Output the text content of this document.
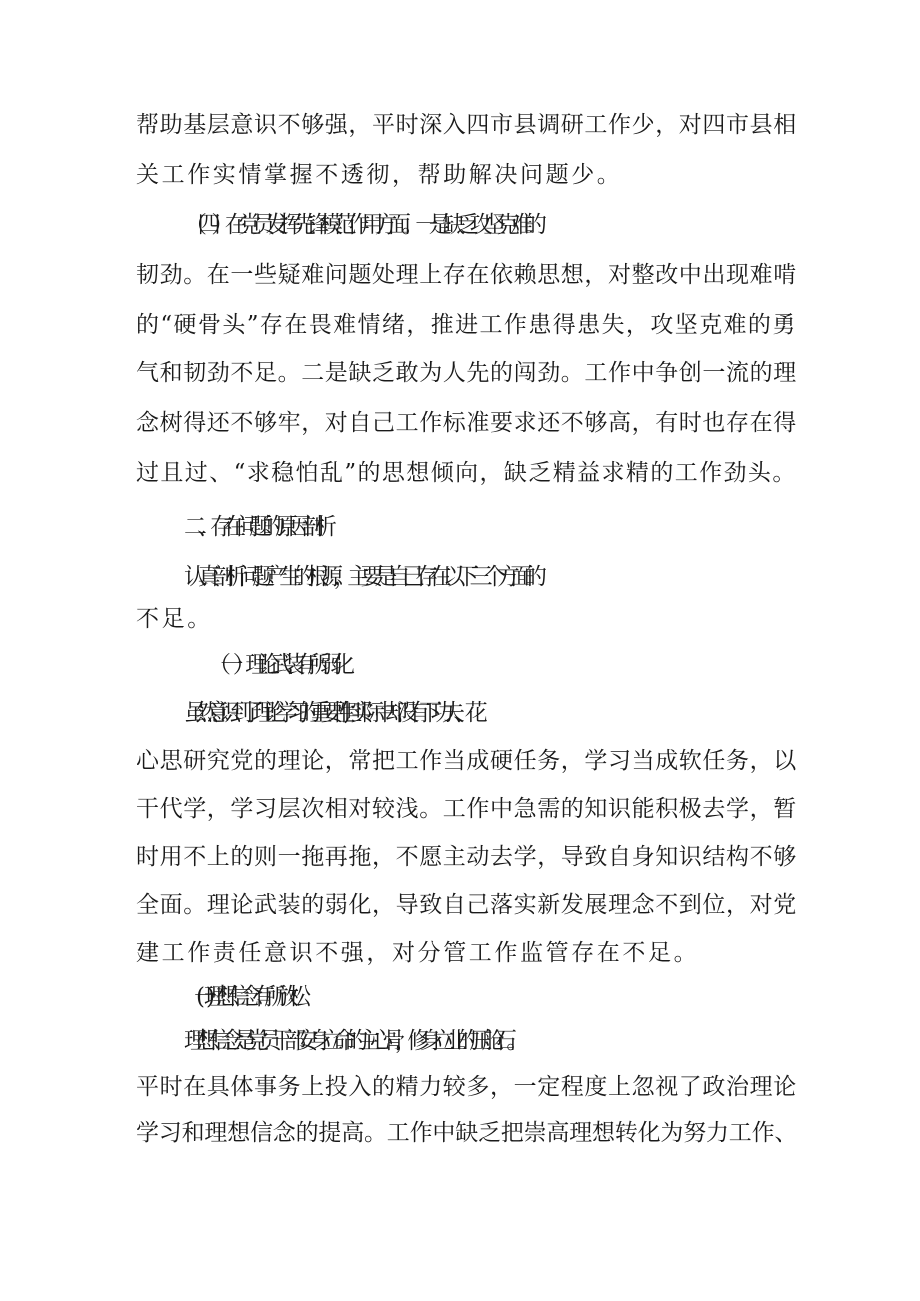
帮助基层意识不够强，平时深入四市县调研工作少，对四市县相
关工作实情掌握不透彻，帮助解决问题少。
（四）在党员发挥先锋模范作用方面。一是缺乏攻坚克难的
韧劲。在一些疑难问题处理上存在依赖思想，对整改中出现难啃
的“硬骨头”存在畏难情绪，推进工作患得患失，攻坚克难的勇
气和韧劲不足。二是缺乏敢为人先的闯劲。工作中争创一流的理
念树得还不够牢，对自己工作标准要求还不够高，有时也存在得
过且过、“求稳怕乱”的思想倾向，缺乏精益求精的工作劲头。
二、存在问题的原因剖析
认真剖析问题产生的根源，主要是自己存在以下三个方面的
不足。
（一）理论武装有所弱化
虽然意识到了理论学习的重要性,但实际中却没有下功夫、花
心思研究党的理论，常把工作当成硬任务，学习当成软任务，以
干代学，学习层次相对较浅。工作中急需的知识能积极去学，暂
时用不上的则一拖再拖，不愿主动去学，导致自身知识结构不够
全面。理论武装的弱化，导致自己落实新发展理念不到位，对党
建工作责任意识不强，对分管工作监管存在不足。
(一)理想信念有所放松
理想信念是党员干部安身立命的主心骨，修身立业的压舱石。
平时在具体事务上投入的精力较多，一定程度上忽视了政治理论
学习和理想信念的提高。工作中缺乏把崇高理想转化为努力工作、
